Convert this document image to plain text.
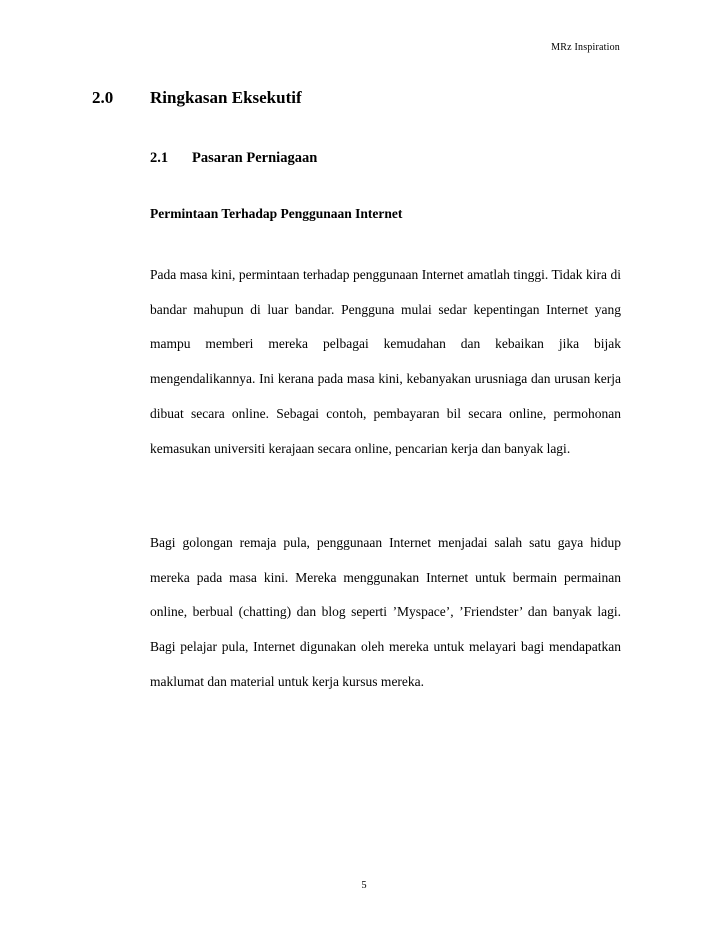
MRz Inspiration
2.0 Ringkasan Eksekutif
2.1 Pasaran Perniagaan
Permintaan Terhadap Penggunaan Internet

Pada masa kini, permintaan terhadap penggunaan Internet amatlah tinggi. Tidak kira di bandar mahupun di luar bandar. Pengguna mulai sedar kepentingan Internet yang mampu memberi mereka pelbagai kemudahan dan kebaikan jika bijak mengendalikannya. Ini kerana pada masa kini, kebanyakan urusniaga dan urusan kerja dibuat secara online. Sebagai contoh, pembayaran bil secara online, permohonan kemasukan universiti kerajaan secara online, pencarian kerja dan banyak lagi.

Bagi golongan remaja pula, penggunaan Internet menjadai salah satu gaya hidup mereka pada masa kini. Mereka menggunakan Internet untuk bermain permainan online, berbual (chatting) dan blog seperti ’Myspace’, ’Friendster’ dan banyak lagi. Bagi pelajar pula, Internet digunakan oleh mereka untuk melayari bagi mendapatkan maklumat dan material untuk kerja kursus mereka.

5
